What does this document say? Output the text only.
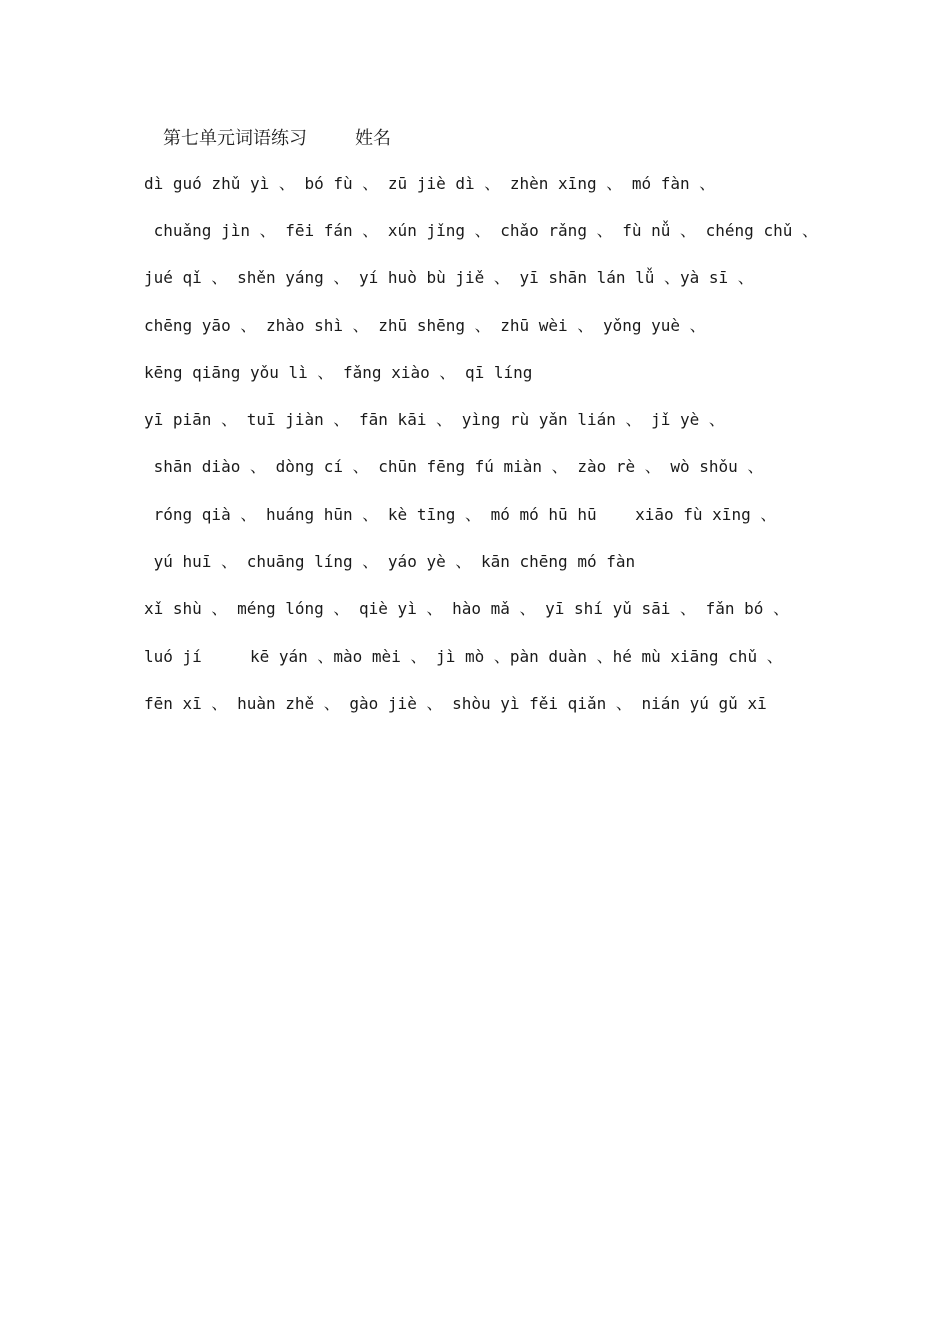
第七单元词语练习	姓名
dì guó zhǔ yì 、 bó fù 、 zū jiè dì 、 zhèn xīng 、 mó fàn 、
chuǎng jìn 、 fēi fán 、 xún jǐng 、 chǎo rǎng 、 fù nǚ 、 chéng chǔ 、
jué qǐ 、 shěn yáng 、 yí huò bù jiě 、 yī shān lán lǚ 、yà sī 、
chēng yāo 、 zhào shì 、 zhū shēng 、 zhū wèi 、 yǒng yuè 、
kēng qiāng yǒu lì 、 fǎng xiào 、 qī líng
yī piān 、 tuī jiàn 、 fān kāi 、 yìng rù yǎn lián 、 jǐ yè 、
shān diào 、 dòng cí 、 chūn fēng fú miàn 、 zào rè 、 wò shǒu 、
róng qià 、 huáng hūn 、 kè tīng 、 mó mó hū hū    xiāo fù xīng 、
yú huī 、 chuāng líng 、 yáo yè 、 kān chēng mó fàn
xǐ shù 、 méng lóng 、 qiè yì 、 hào mǎ 、 yī shí yǔ sāi 、 fǎn bó 、
luó jí     kē yán 、mào mèi 、 jì mò 、pàn duàn 、hé mù xiāng chǔ 、
fēn xī 、 huàn zhě 、 gào jiè 、 shòu yì fěi qiǎn 、 nián yú gǔ xī
